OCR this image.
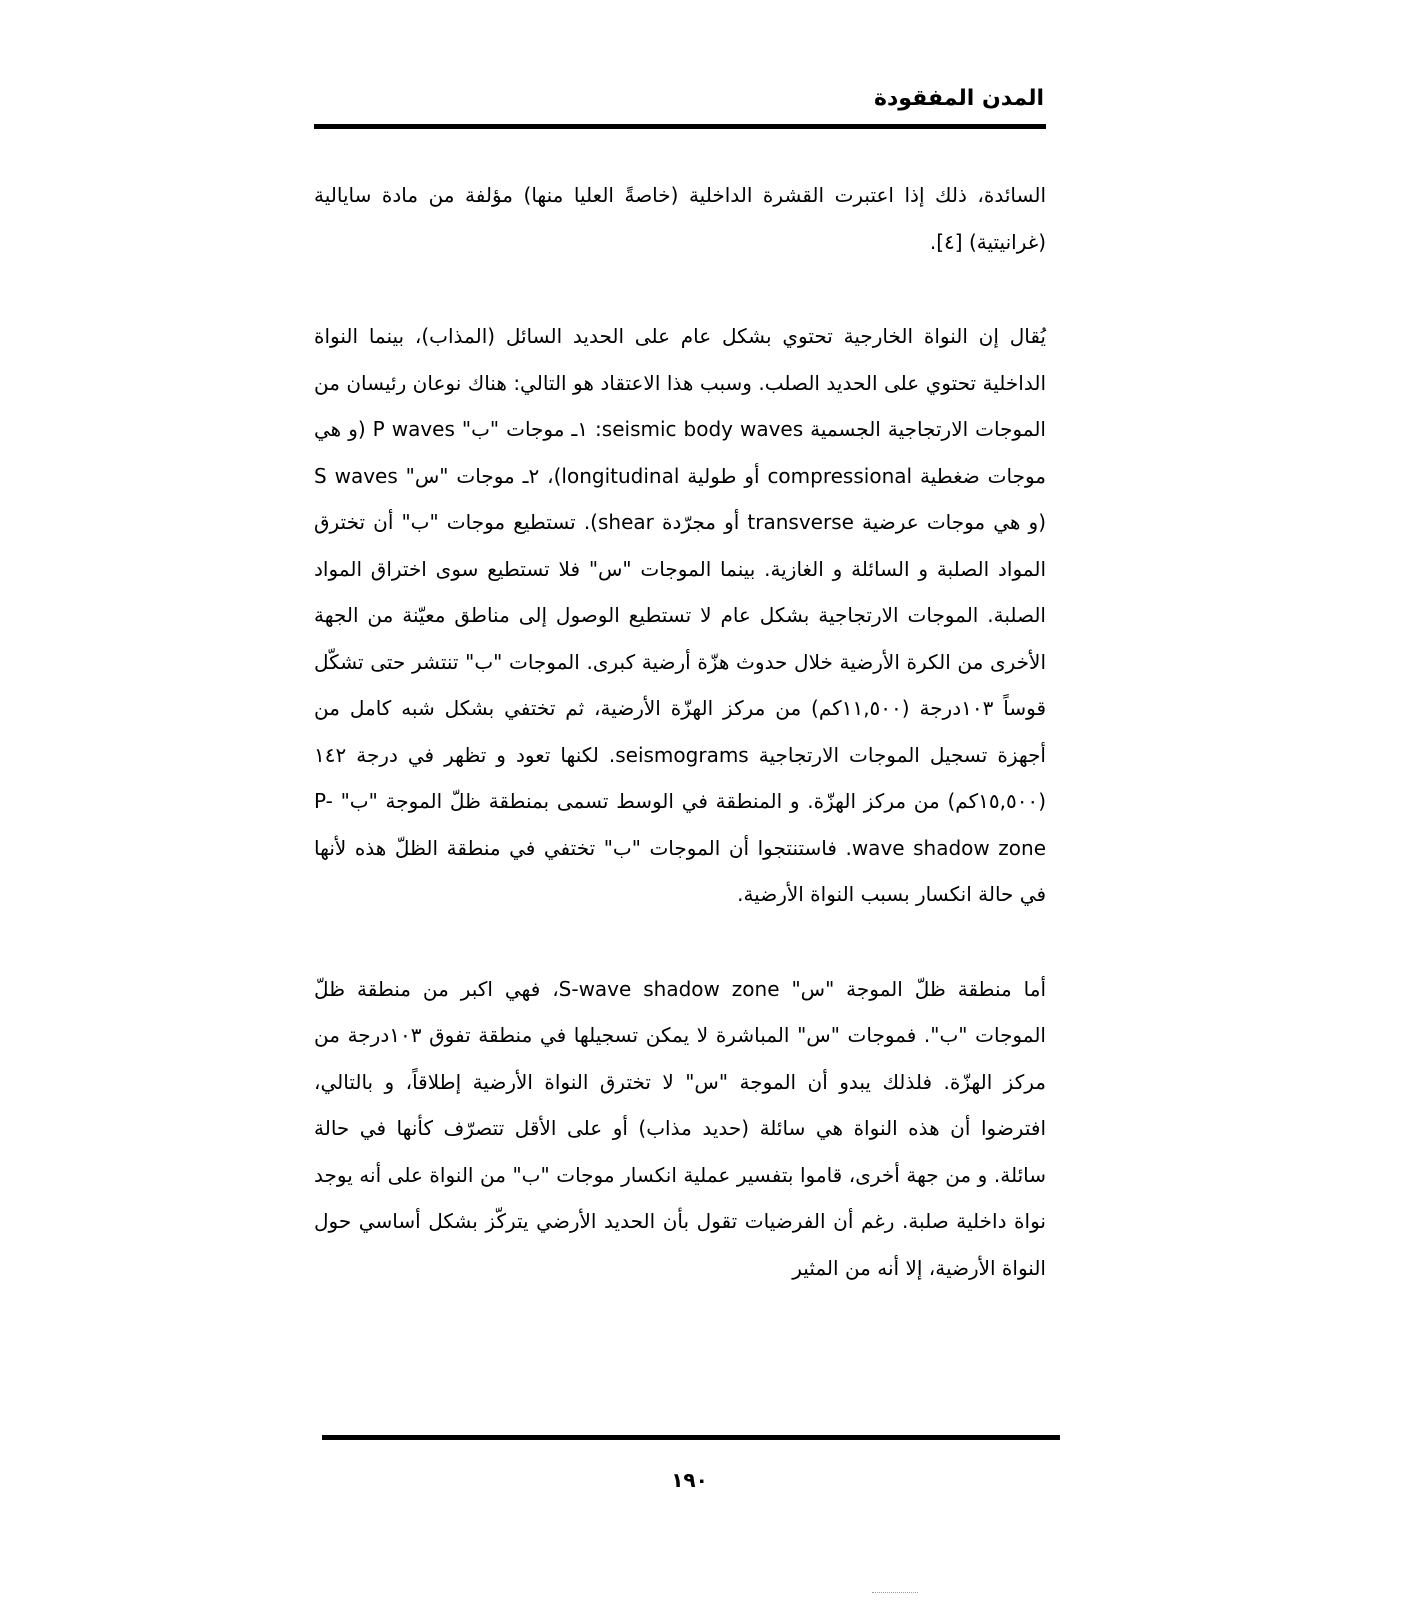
المدن المفقودة

السائدة، ذلك إذا اعتبرت القشرة الداخلية (خاصةً العليا منها) مؤلفة من مادة سايالية (غرانيتية) [٤].

يُقال إن النواة الخارجية تحتوي بشكل عام على الحديد السائل (المذاب)، بينما النواة الداخلية تحتوي على الحديد الصلب. وسبب هذا الاعتقاد هو التالي: هناك نوعان رئيسان من الموجات الارتجاجية الجسمية seismic body waves: ١ـ موجات "ب" P waves (و هي موجات ضغطية compressional أو طولية longitudinal)، ٢ـ موجات "س" S waves (و هي موجات عرضية transverse أو مجرّدة shear). تستطيع موجات "ب" أن تخترق المواد الصلبة و السائلة و الغازية. بينما الموجات "س" فلا تستطيع سوى اختراق المواد الصلبة. الموجات الارتجاجية بشكل عام لا تستطيع الوصول إلى مناطق معيّنة من الجهة الأخرى من الكرة الأرضية خلال حدوث هزّة أرضية كبرى. الموجات "ب" تنتشر حتى تشكّل قوساً ١٠٣درجة (١١,٥٠٠كم) من مركز الهزّة الأرضية، ثم تختفي بشكل شبه كامل من أجهزة تسجيل الموجات الارتجاجية seismograms. لكنها تعود و تظهر في درجة ١٤٢ (١٥,٥٠٠كم) من مركز الهزّة. و المنطقة في الوسط تسمى بمنطقة ظلّ الموجة "ب" P-wave shadow zone. فاستنتجوا أن الموجات "ب" تختفي في منطقة الظلّ هذه لأنها في حالة انكسار بسبب النواة الأرضية.

أما منطقة ظلّ الموجة "س" S-wave shadow zone، فهي اكبر من منطقة ظلّ الموجات "ب". فموجات "س" المباشرة لا يمكن تسجيلها في منطقة تفوق ١٠٣درجة من مركز الهزّة. فلذلك يبدو أن الموجة "س" لا تخترق النواة الأرضية إطلاقاً، و بالتالي، افترضوا أن هذه النواة هي سائلة (حديد مذاب) أو على الأقل تتصرّف كأنها في حالة سائلة. و من جهة أخرى، قاموا بتفسير عملية انكسار موجات "ب" من النواة على أنه يوجد نواة داخلية صلبة. رغم أن الفرضيات تقول بأن الحديد الأرضي يتركّز بشكل أساسي حول النواة الأرضية، إلا أنه من المثير

١٩٠
